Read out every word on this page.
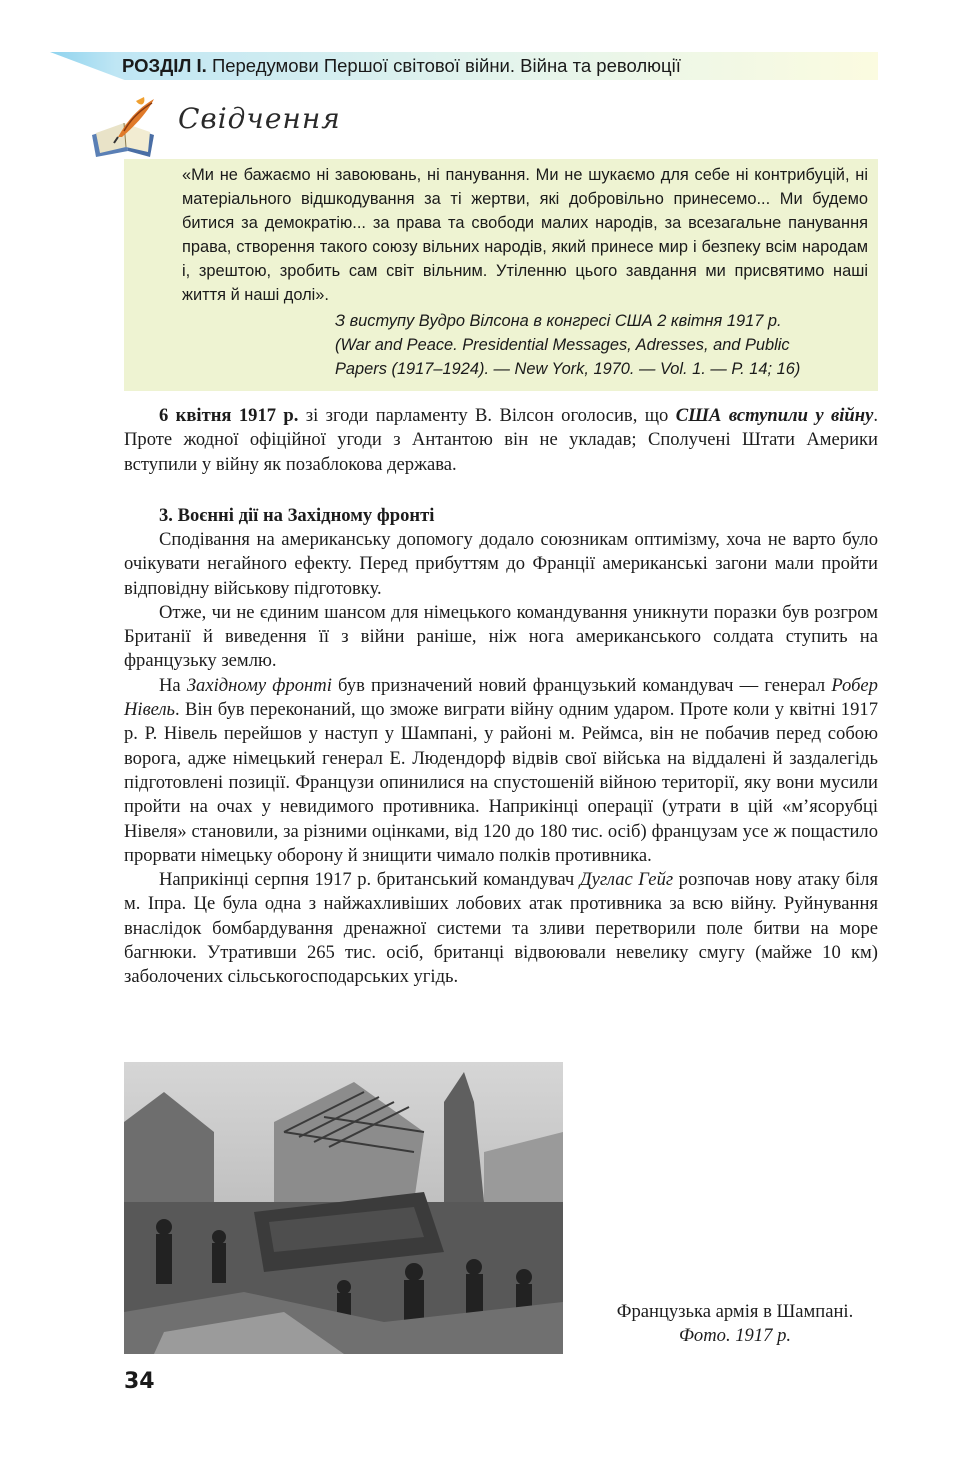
РОЗДІЛ І. Передумови Першої світової війни. Війна та революції
Свідчення
«Ми не бажаємо ні завоювань, ні панування. Ми не шукаємо для себе ні контрибуцій, ні матеріального відшкодування за ті жертви, які добровільно принесемо... Ми будемо битися за демократію... за права та свободи малих народів, за всезагальне панування права, створення такого союзу вільних народів, який принесе мир і безпеку всім народам і, зрештою, зробить сам світ вільним. Утіленню цього завдання ми присвятимо наші життя й наші долі».
З виступу Вудро Вілсона в конгресі США 2 квітня 1917 р.
(War and Peace. Presidential Messages, Adresses, and Public
Papers (1917–1924). — New York, 1970. — Vol. 1. — P. 14; 16)

6 квітня 1917 р. зі згоди парламенту В. Вілсон оголосив, що США вступили у війну. Проте жодної офіційної угоди з Антантою він не укладав; Сполучені Штати Америки вступили у війну як позаблокова держава.

3. Воєнні дії на Західному фронті

Сподівання на американську допомогу додало союзникам оптимізму, хоча не варто було очікувати негайного ефекту. Перед прибуттям до Франції американські загони мали пройти відповідну військову підготовку.

Отже, чи не єдиним шансом для німецького командування уникнути поразки був розгром Британії й виведення її з війни раніше, ніж нога американського солдата ступить на французьку землю.

На Західному фронті був призначений новий французький командувач — генерал Робер Нівель. Він був переконаний, що зможе виграти війну одним ударом. Проте коли у квітні 1917 р. Р. Нівель перейшов у наступ у Шампані, у районі м. Реймса, він не побачив перед собою ворога, адже німецький генерал Е. Людендорф відвів свої війська на віддалені й заздалегідь підготовлені позиції. Французи опинилися на спустошеній війною території, яку вони мусили пройти на очах у невидимого противника. Наприкінці операції (утрати в цій «м’ясорубці Нівеля» становили, за різними оцінками, від 120 до 180 тис. осіб) французам усе ж пощастило прорвати німецьку оборону й знищити чимало полків противника.

Наприкінці серпня 1917 р. британський командувач Дуглас Гейг розпочав нову атаку біля м. Іпра. Це була одна з найжахливіших лобових атак противника за всю війну. Руйнування внаслідок бомбардування дренажної системи та зливи перетворили поле битви на море багнюки. Утративши 265 тис. осіб, британці відвоювали невелику смугу (майже 10 км) заболочених сільськогосподарських угідь.

Французька армія в Шампані.
Фото. 1917 р.
34
